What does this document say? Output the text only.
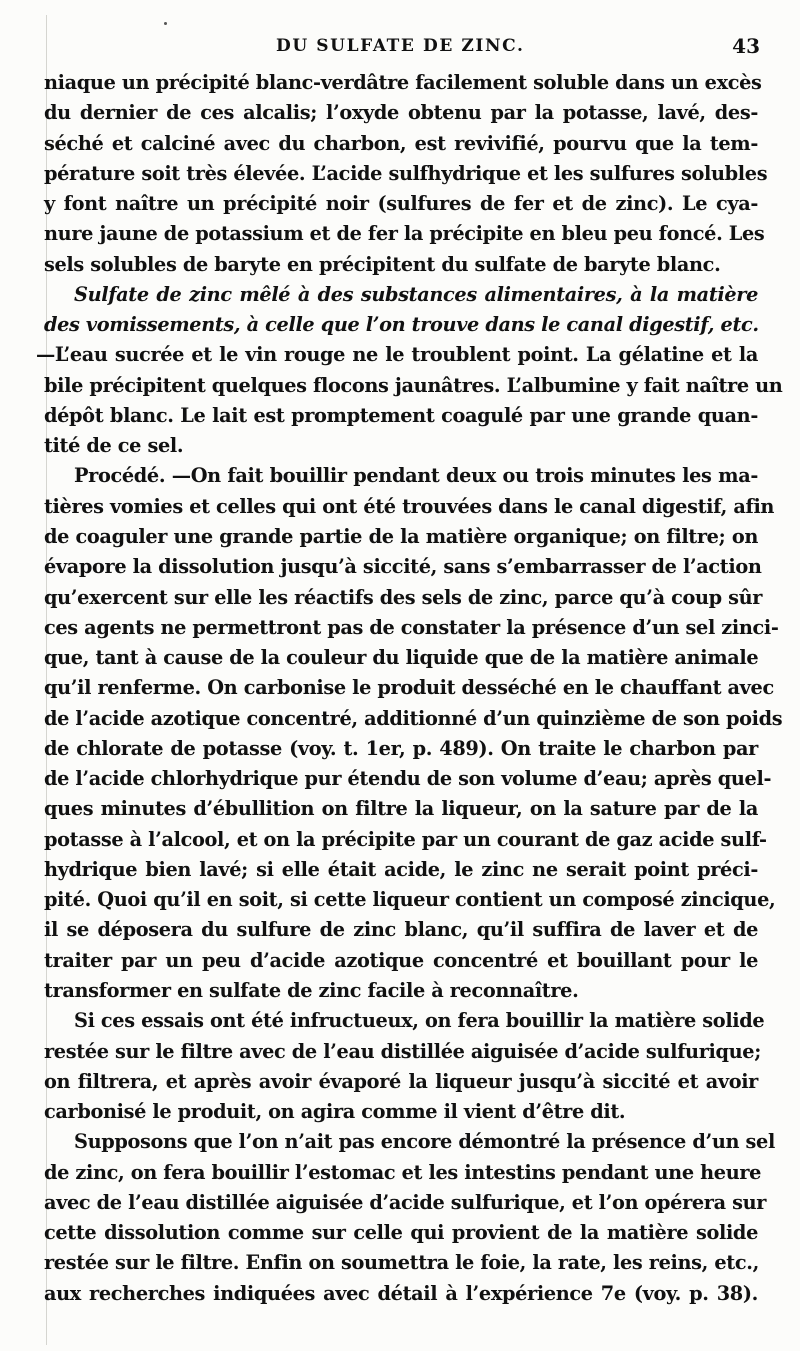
DU SULFATE DE ZINC.	43
niaque un précipité blanc-verdâtre facilement soluble dans un excès
du dernier de ces alcalis; l’oxyde obtenu par la potasse, lavé, des-
séché et calciné avec du charbon, est revivifié, pourvu que la tem-
pérature soit très élevée. L’acide sulfhydrique et les sulfures solubles
y font naître un précipité noir (sulfures de fer et de zinc). Le cya-
nure jaune de potassium et de fer la précipite en bleu peu foncé. Les
sels solubles de baryte en précipitent du sulfate de baryte blanc.
Sulfate de zinc mêlé à des substances alimentaires, à la matière
des vomissements, à celle que l’on trouve dans le canal digestif, etc.
—L’eau sucrée et le vin rouge ne le troublent point. La gélatine et la
bile précipitent quelques flocons jaunâtres. L’albumine y fait naître un
dépôt blanc. Le lait est promptement coagulé par une grande quan-
tité de ce sel.
Procédé. —On fait bouillir pendant deux ou trois minutes les ma-
tières vomies et celles qui ont été trouvées dans le canal digestif, afin
de coaguler une grande partie de la matière organique; on filtre; on
évapore la dissolution jusqu’à siccité, sans s’embarrasser de l’action
qu’exercent sur elle les réactifs des sels de zinc, parce qu’à coup sûr
ces agents ne permettront pas de constater la présence d’un sel zinci-
que, tant à cause de la couleur du liquide que de la matière animale
qu’il renferme. On carbonise le produit desséché en le chauffant avec
de l’acide azotique concentré, additionné d’un quinzième de son poids
de chlorate de potasse (voy. t. 1er, p. 489). On traite le charbon par
de l’acide chlorhydrique pur étendu de son volume d’eau; après quel-
ques minutes d’ébullition on filtre la liqueur, on la sature par de la
potasse à l’alcool, et on la précipite par un courant de gaz acide sulf-
hydrique bien lavé; si elle était acide, le zinc ne serait point préci-
pité. Quoi qu’il en soit, si cette liqueur contient un composé zincique,
il se déposera du sulfure de zinc blanc, qu’il suffira de laver et de
traiter par un peu d’acide azotique concentré et bouillant pour le
transformer en sulfate de zinc facile à reconnaître.
Si ces essais ont été infructueux, on fera bouillir la matière solide
restée sur le filtre avec de l’eau distillée aiguisée d’acide sulfurique;
on filtrera, et après avoir évaporé la liqueur jusqu’à siccité et avoir
carbonisé le produit, on agira comme il vient d’être dit.
Supposons que l’on n’ait pas encore démontré la présence d’un sel
de zinc, on fera bouillir l’estomac et les intestins pendant une heure
avec de l’eau distillée aiguisée d’acide sulfurique, et l’on opérera sur
cette dissolution comme sur celle qui provient de la matière solide
restée sur le filtre. Enfin on soumettra le foie, la rate, les reins, etc.,
aux recherches indiquées avec détail à l’expérience 7e (voy. p. 38).
